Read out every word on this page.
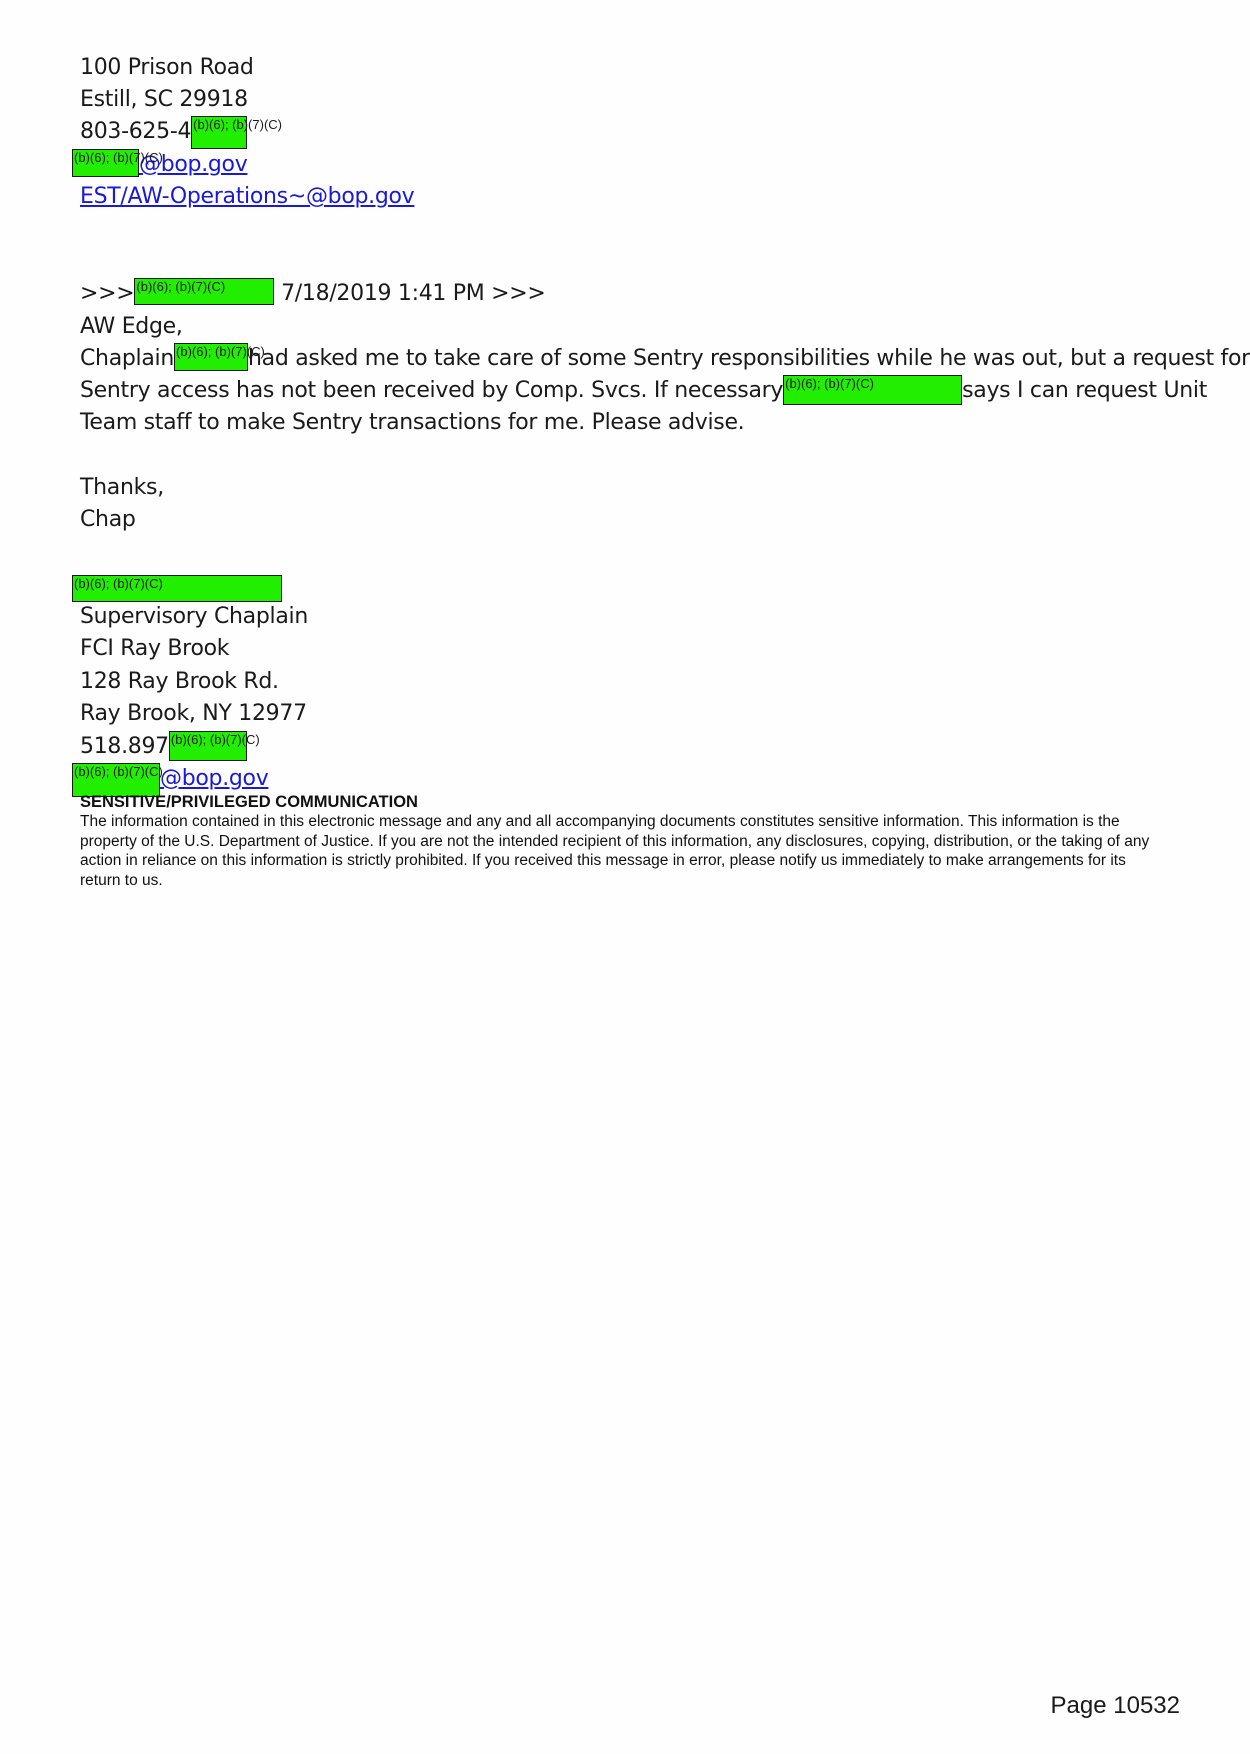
100 Prison Road
Estill, SC 29918
803-625-4 (b)(6); (b)(7)(C)
(b)(6); (b)(7)(C)@bop.gov
EST/AW-Operations~@bop.gov
>>> (b)(6); (b)(7)(C)	7/18/2019 1:41 PM >>>
AW Edge,
Chaplain (b)(6); (b)(7)(C)had asked me to take care of some Sentry responsibilities while he was out, but a request for
Sentry access has not been received by Comp. Svcs. If necessary (b)(6); (b)(7)(C)	says I can request Unit
Team staff to make Sentry transactions for me. Please advise.
Thanks,
Chap
(b)(6); (b)(7)(C)
Supervisory Chaplain
FCI Ray Brook
128 Ray Brook Rd.
Ray Brook, NY 12977
518.897 (b)(6); (b)(7)(C)
(b)(6); (b)(7)(C)@bop.gov
SENSITIVE/PRIVILEGED COMMUNICATION
The information contained in this electronic message and any and all accompanying documents constitutes sensitive information. This information is the property of the U.S. Department of Justice. If you are not the intended recipient of this information, any disclosures, copying, distribution, or the taking of any action in reliance on this information is strictly prohibited. If you received this message in error, please notify us immediately to make arrangements for its return to us.
Page 10532
